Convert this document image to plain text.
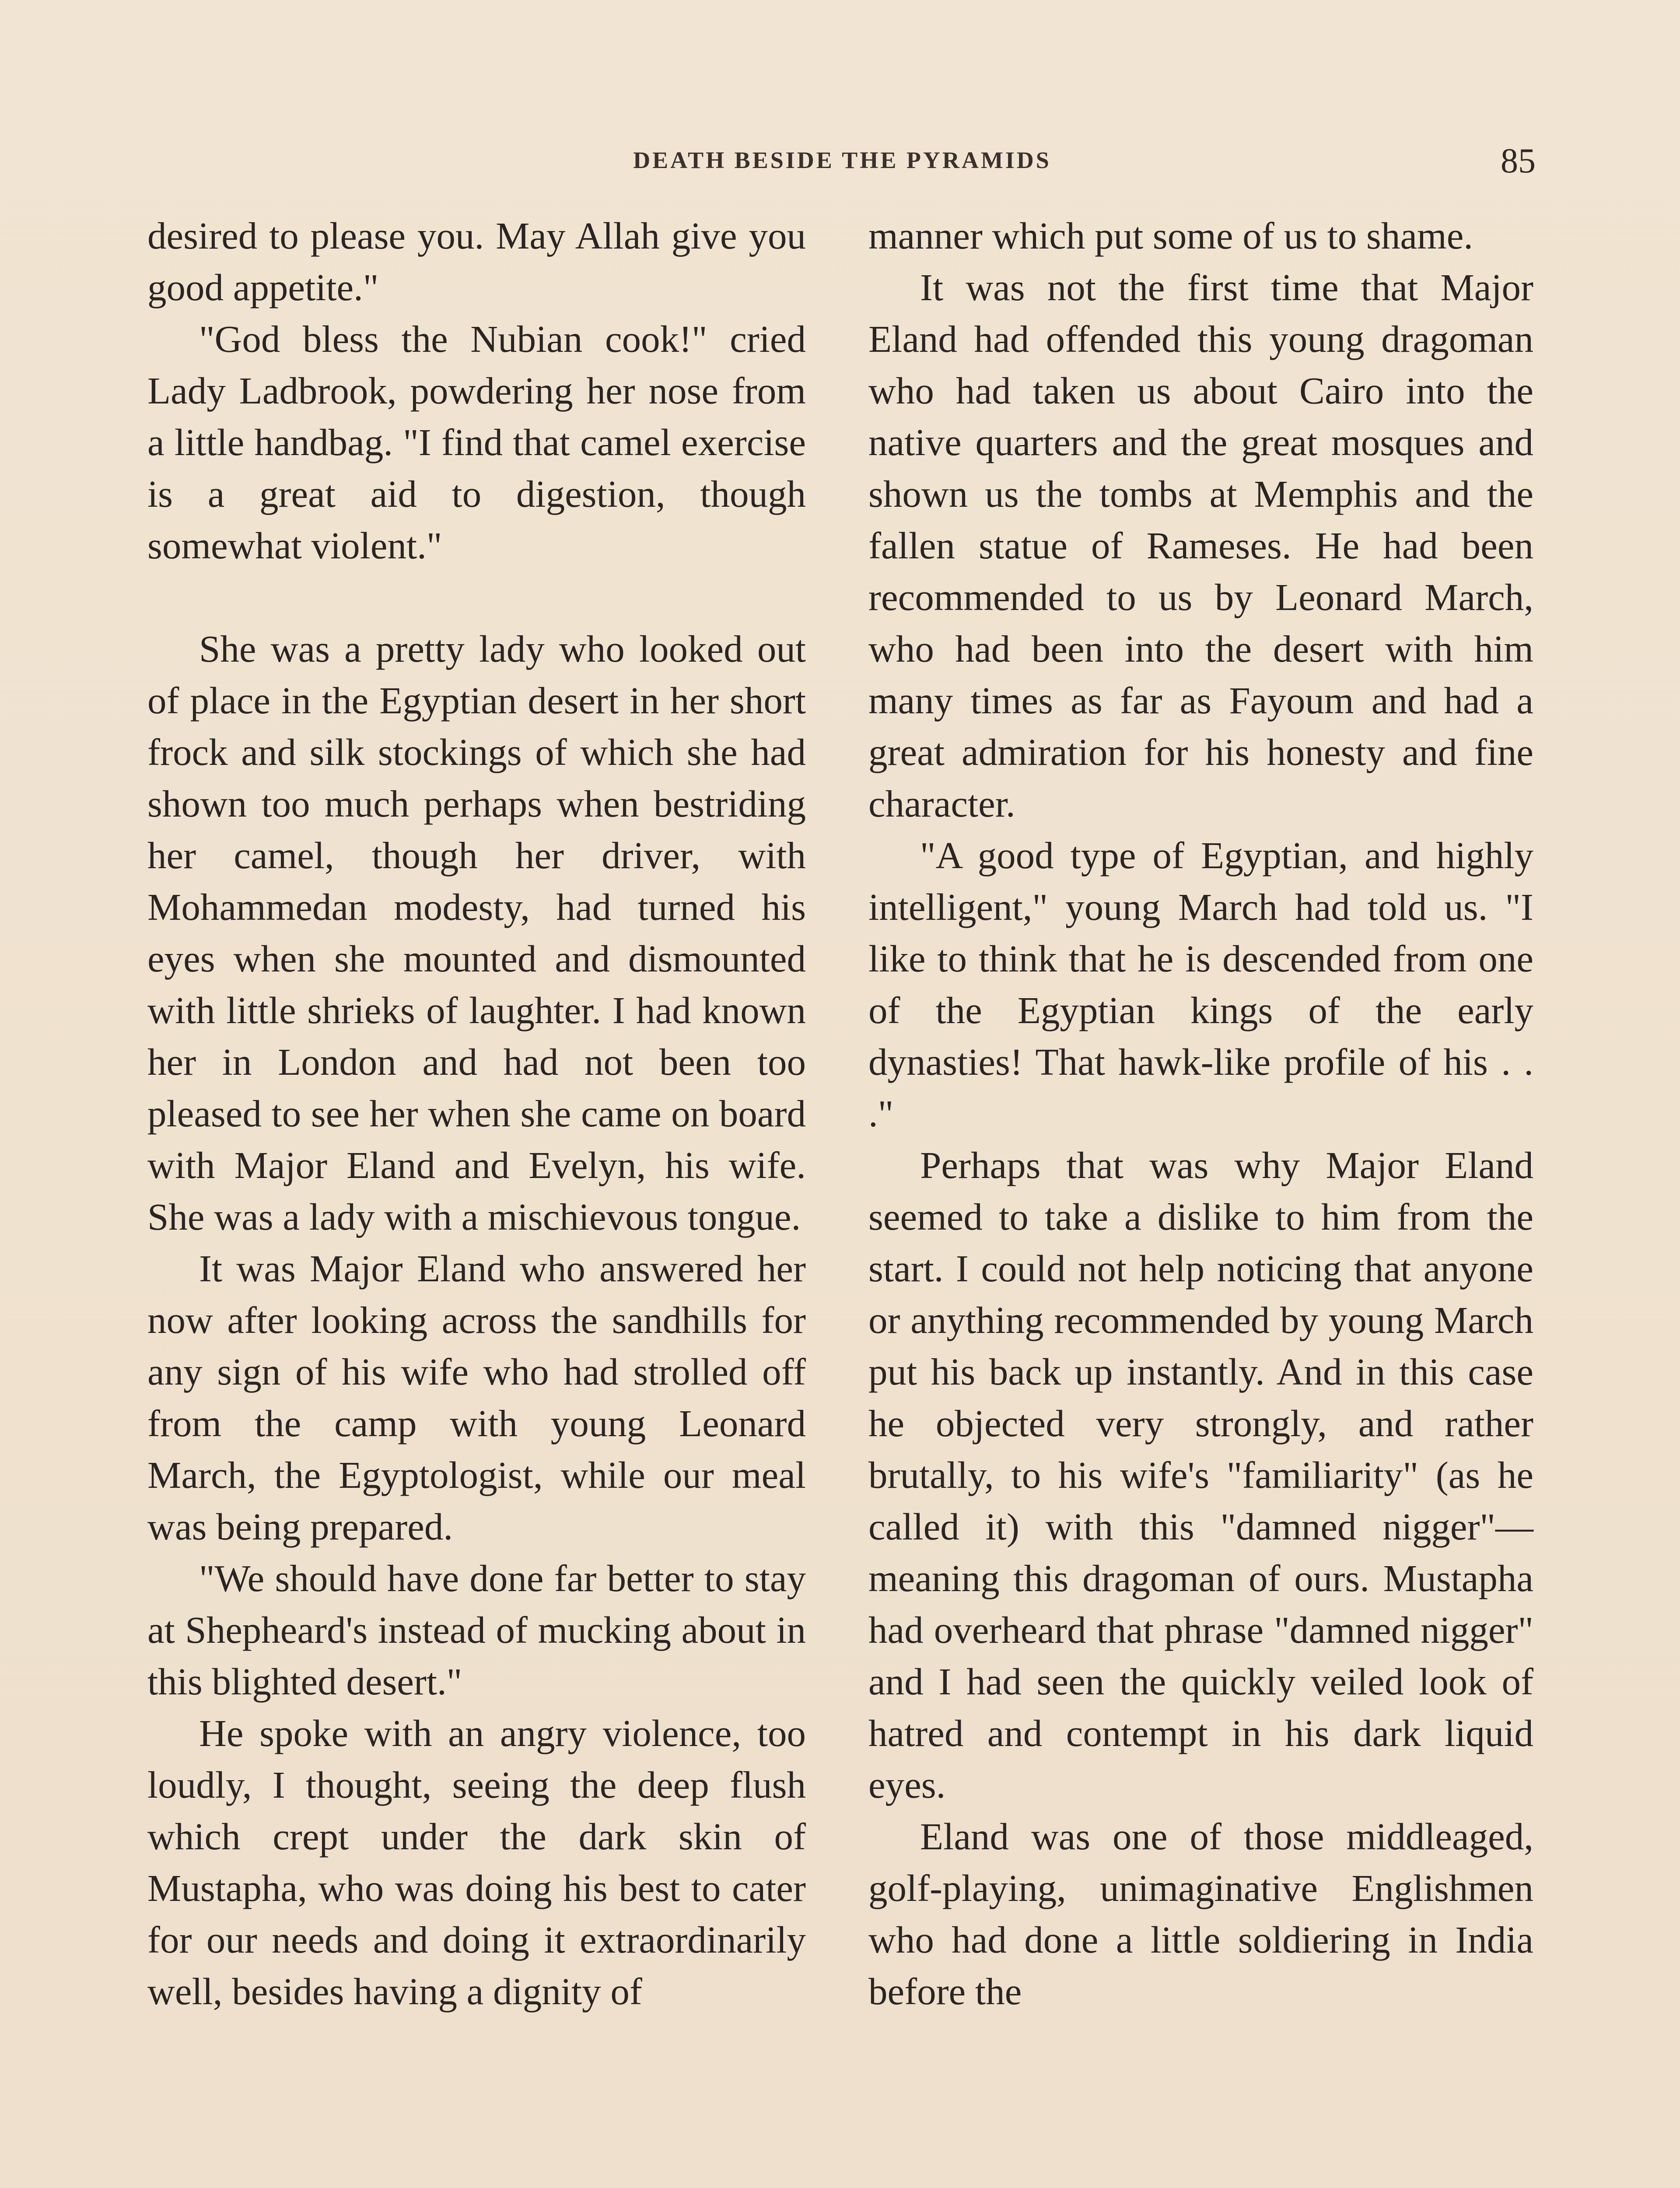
DEATH BESIDE THE PYRAMIDS	85

desired to please you. May Allah give you good appetite."

"God bless the Nubian cook!" cried Lady Ladbrook, powdering her nose from a little handbag. "I find that camel exercise is a great aid to digestion, though somewhat violent."

She was a pretty lady who looked out of place in the Egyptian desert in her short frock and silk stockings of which she had shown too much perhaps when bestriding her camel, though her driver, with Mohammedan modesty, had turned his eyes when she mounted and dismounted with little shrieks of laughter. I had known her in London and had not been too pleased to see her when she came on board with Major Eland and Evelyn, his wife. She was a lady with a mischievous tongue.

It was Major Eland who answered her now after looking across the sandhills for any sign of his wife who had strolled off from the camp with young Leonard March, the Egyptologist, while our meal was being prepared.

"We should have done far better to stay at Shepheard's instead of mucking about in this blighted desert."

He spoke with an angry violence, too loudly, I thought, seeing the deep flush which crept under the dark skin of Mustapha, who was doing his best to cater for our needs and doing it extraordinarily well, besides having a dignity of

manner which put some of us to shame.

It was not the first time that Major Eland had offended this young dragoman who had taken us about Cairo into the native quarters and the great mosques and shown us the tombs at Memphis and the fallen statue of Rameses. He had been recommended to us by Leonard March, who had been into the desert with him many times as far as Fayoum and had a great admiration for his honesty and fine character.

"A good type of Egyptian, and highly intelligent," young March had told us. "I like to think that he is descended from one of the Egyptian kings of the early dynasties! That hawk-like profile of his . . ."

Perhaps that was why Major Eland seemed to take a dislike to him from the start. I could not help noticing that anyone or anything recommended by young March put his back up instantly. And in this case he objected very strongly, and rather brutally, to his wife's "familiarity" (as he called it) with this "damned nigger"—meaning this dragoman of ours. Mustapha had overheard that phrase "damned nigger" and I had seen the quickly veiled look of hatred and contempt in his dark liquid eyes.

Eland was one of those middleaged, golf-playing, unimaginative Englishmen who had done a little soldiering in India before the
